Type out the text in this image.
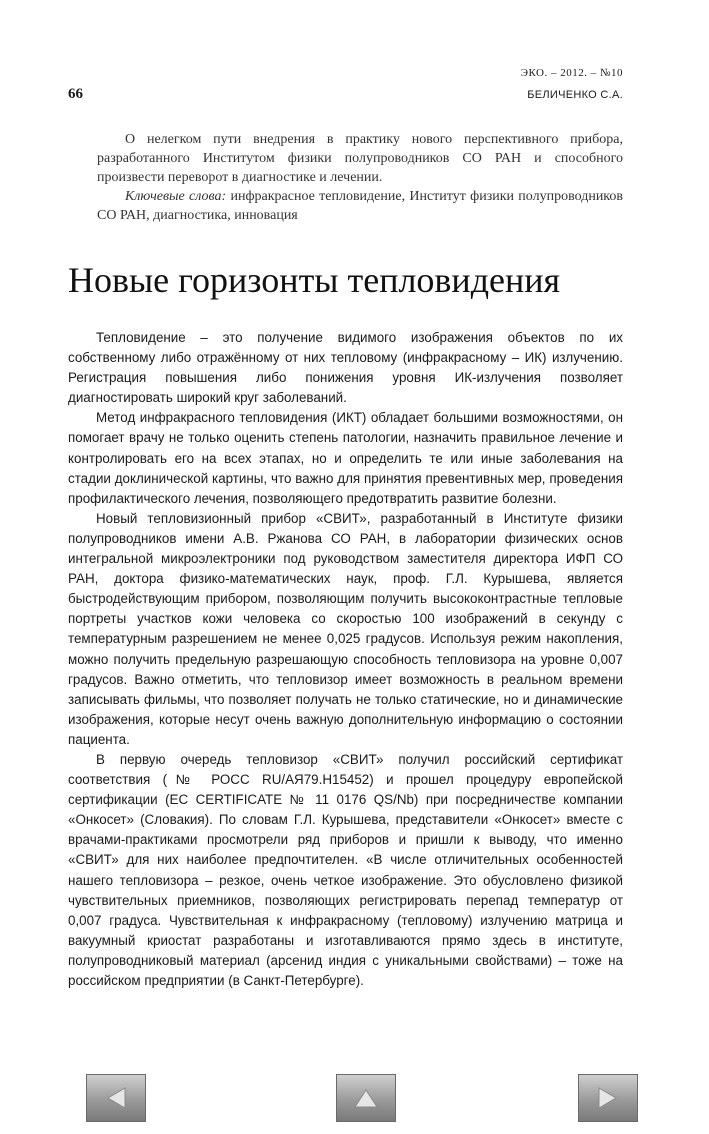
66
ЭКО. – 2012. – №10
БЕЛИЧЕНКО С.А.

О нелегком пути внедрения в практику нового перспективного прибора, разработанного Институтом физики полупроводников СО РАН и способного произвести переворот в диагностике и лечении.

Ключевые слова: инфракрасное тепловидение, Институт физики полупроводников СО РАН, диагностика, инновация

Новые горизонты тепловидения

Тепловидение – это получение видимого изображения объектов по их собственному либо отражённому от них тепловому (инфракрасному – ИК) излучению. Регистрация повышения либо понижения уровня ИК-излучения позволяет диагностировать широкий круг заболеваний.

Метод инфракрасного тепловидения (ИКТ) обладает большими возможностями, он помогает врачу не только оценить степень патологии, назначить правильное лечение и контролировать его на всех этапах, но и определить те или иные заболевания на стадии доклинической картины, что важно для принятия превентивных мер, проведения профилактического лечения, позволяющего предотвратить развитие болезни.

Новый тепловизионный прибор «СВИТ», разработанный в Институте физики полупроводников имени А.В. Ржанова СО РАН, в лаборатории физических основ интегральной микроэлектроники под руководством заместителя директора ИФП СО РАН, доктора физико-математических наук, проф. Г.Л. Курышева, является быстродействующим прибором, позволяющим получить высококонтрастные тепловые портреты участков кожи человека со скоростью 100 изображений в секунду с температурным разрешением не менее 0,025 градусов. Используя режим накопления, можно получить предельную разрешающую способность тепловизора на уровне 0,007 градусов. Важно отметить, что тепловизор имеет возможность в реальном времени записывать фильмы, что позволяет получать не только статические, но и динамические изображения, которые несут очень важную дополнительную информацию о состоянии пациента.

В первую очередь тепловизор «СВИТ» получил российский сертификат соответствия (№ РОСС RU/АЯ79.Н15452) и прошел процедуру европейской сертификации (EC CERTIFICATE № 11 0176 QS/Nb) при посредничестве компании «Онкосет» (Словакия). По словам Г.Л. Курышева, представители «Онкосет» вместе с врачами-практиками просмотрели ряд приборов и пришли к выводу, что именно «СВИТ» для них наиболее предпочтителен. «В числе отличительных особенностей нашего тепловизора – резкое, очень четкое изображение. Это обусловлено физикой чувствительных приемников, позволяющих регистрировать перепад температур от 0,007 градуса. Чувствительная к инфракрасному (тепловому) излучению матрица и вакуумный криостат разработаны и изготавливаются прямо здесь в институте, полупроводниковый материал (арсенид индия с уникальными свойствами) – тоже на российском предприятии (в Санкт-Петербурге).
